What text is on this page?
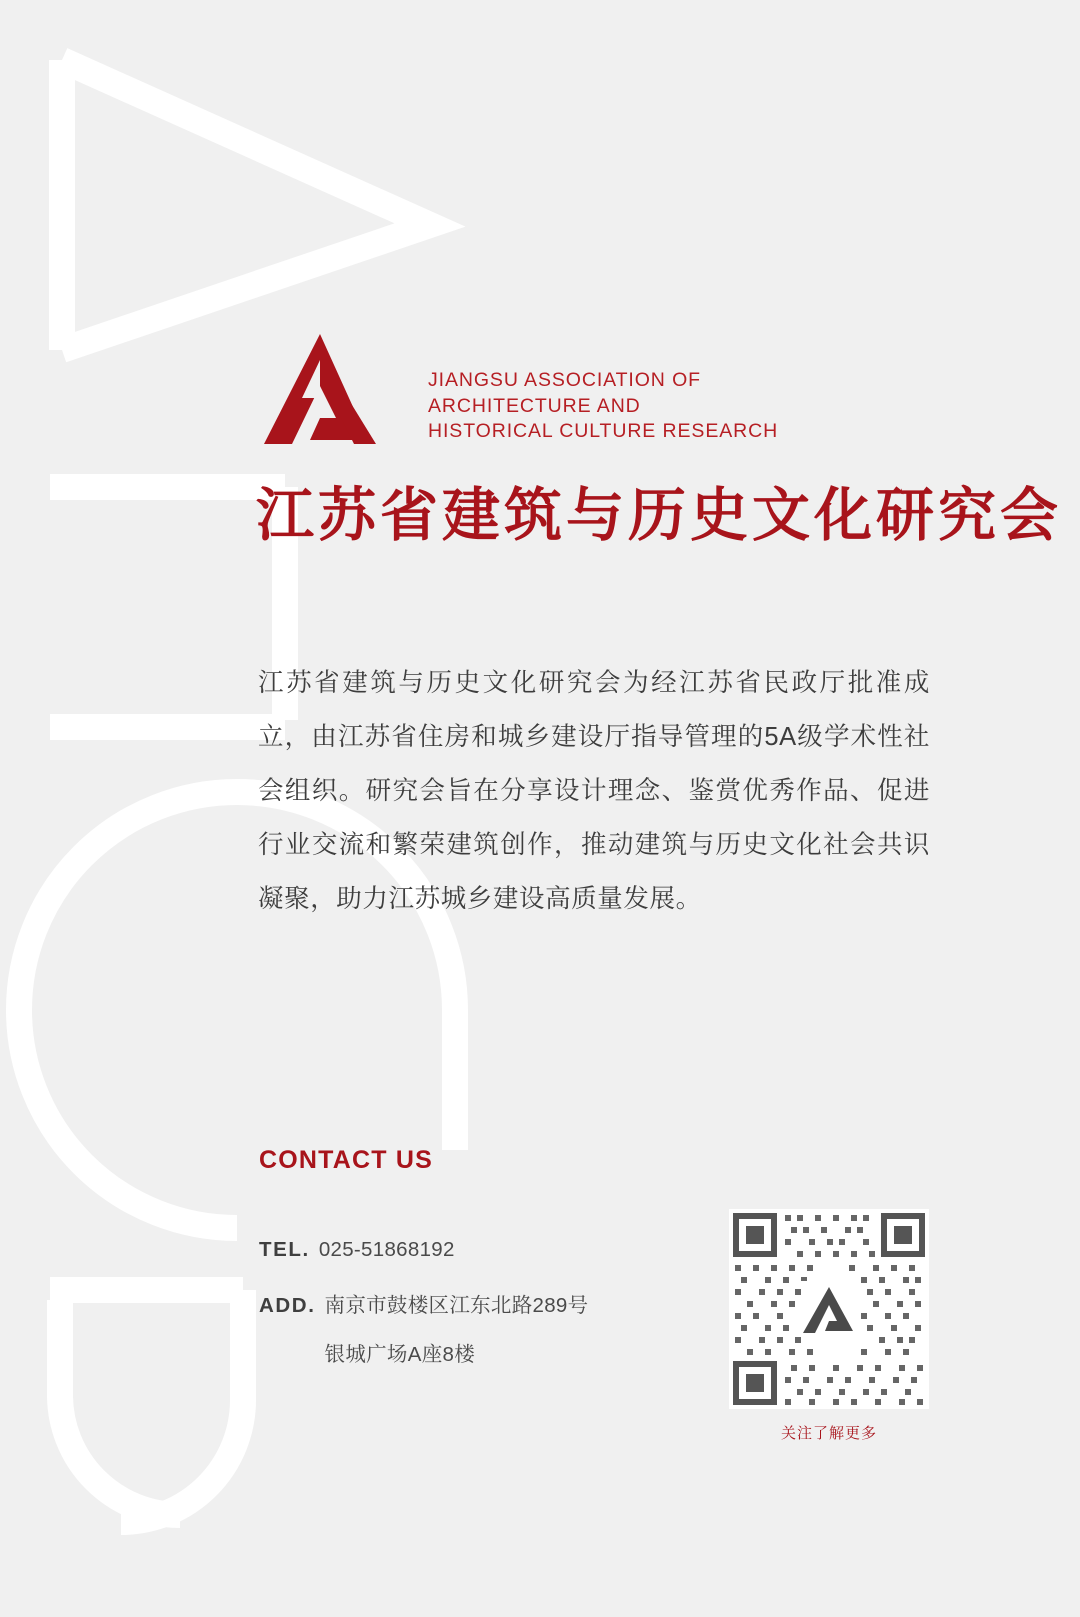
JIANGSU ASSOCIATION OF
ARCHITECTURE AND
HISTORICAL CULTURE RESEARCH
江苏省建筑与历史文化研究会
江苏省建筑与历史文化研究会为经江苏省民政厅批准成立，由江苏省住房和城乡建设厅指导管理的5A级学术性社会组织。研究会旨在分享设计理念、鉴赏优秀作品、促进行业交流和繁荣建筑创作，推动建筑与历史文化社会共识凝聚，助力江苏城乡建设高质量发展。
CONTACT US
TEL. 025-51868192
ADD. 南京市鼓楼区江东北路289号
银城广场A座8楼
关注了解更多
